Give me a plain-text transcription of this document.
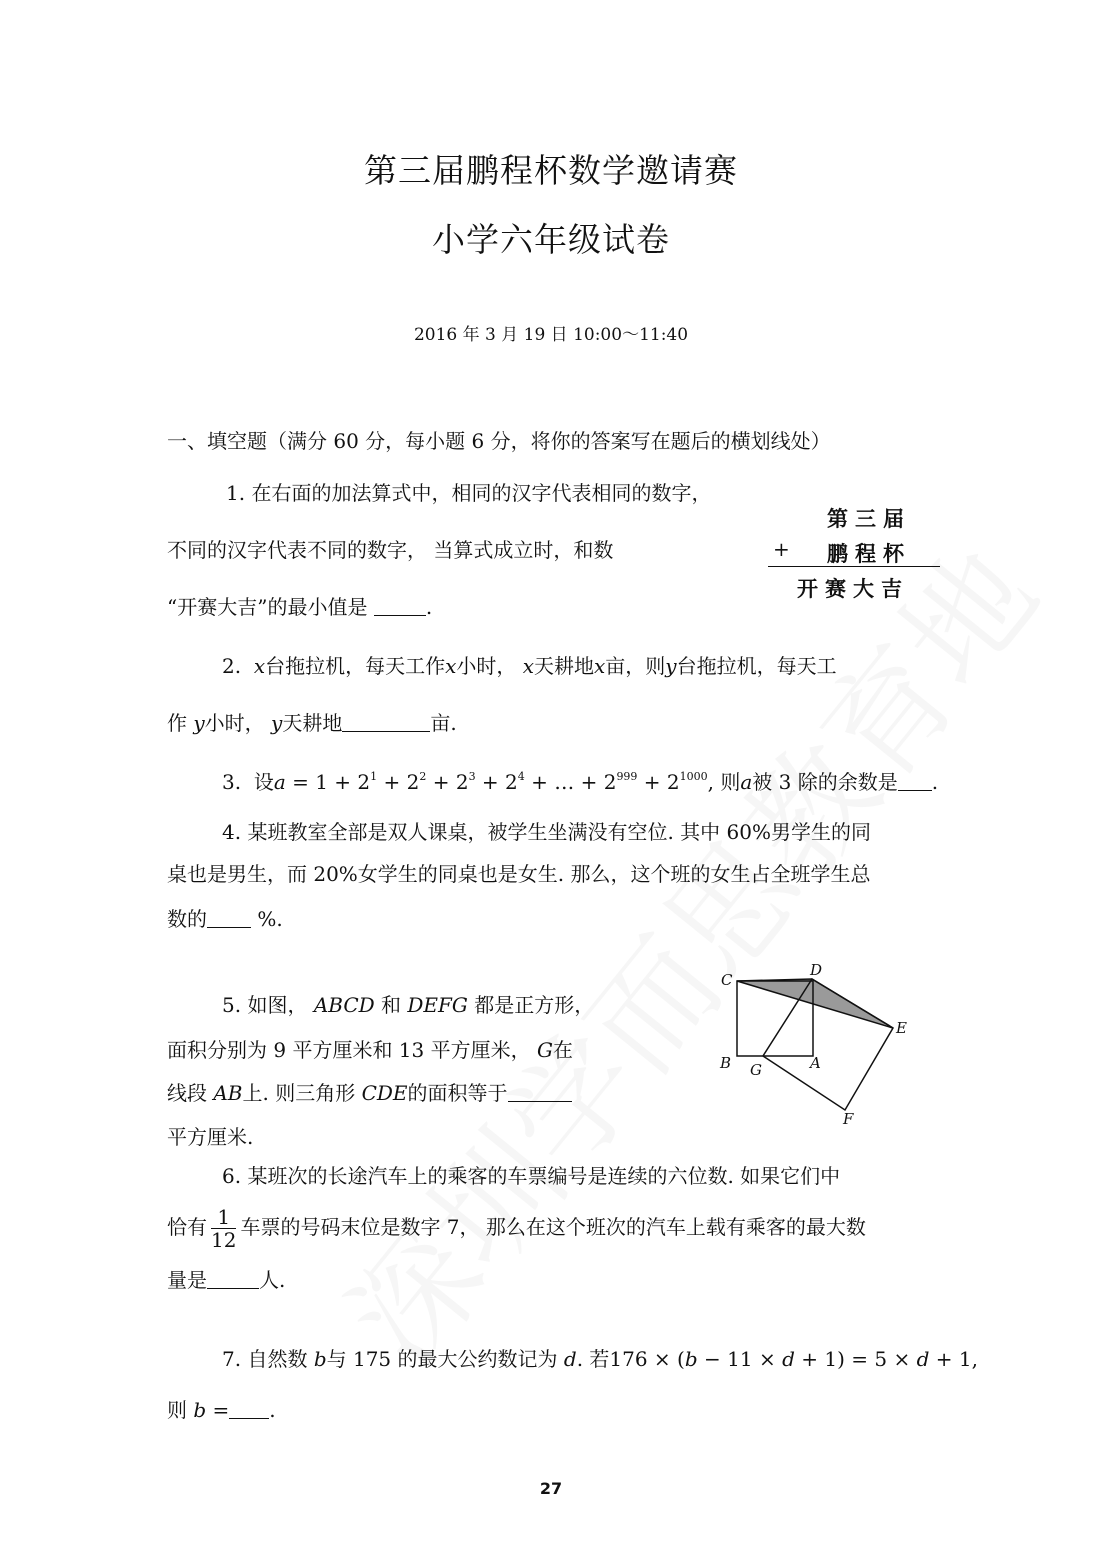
第三届鹏程杯数学邀请赛
小学六年级试卷
2016 年 3 月 19 日 10:00～11:40
一、填空题（满分 60 分，每小题 6 分，将你的答案写在题后的横划线处）
1. 在右面的加法算式中，相同的汉字代表相同的数字，
不同的汉字代表不同的数字， 当算式成立时，和数
“开赛大吉”的最小值是	.
第三届
+ 鹏程杯
开赛大吉
2. x台拖拉机，每天工作x小时， x天耕地x亩，则y台拖拉机，每天工
作 y小时， y天耕地	亩.
3. 设$a = 1 + 2^1 + 2^2 + 2^3 + 2^4$ + … + $2^{999} + 2^{1000}$, 则a被 3 除的余数是 .
4. 某班教室全部是双人课桌，被学生坐满没有空位. 其中 60%男学生的同
桌也是男生，而 20%女学生的同桌也是女生. 那么，这个班的女生占全班学生总
数的	%.
5. 如图， ABCD 和 DEFG 都是正方形，
面积分别为 9 平方厘米和 13 平方厘米， G在
线段 AB上. 则三角形 CDE的面积等于
平方厘米.
C
D
E
B G	A
F
6. 某班次的长途汽车上的乘客的车票编号是连续的六位数. 如果它们中
恰有 $\frac{1}{12}$ 车票的号码末位是数字 7， 那么在这个班次的汽车上载有乘客的最大数
量是	人.
7. 自然数 b与 175 的最大公约数记为 d. 若176 × (b − 11 × d + 1) = 5 × d + 1,
则 b = .
27
